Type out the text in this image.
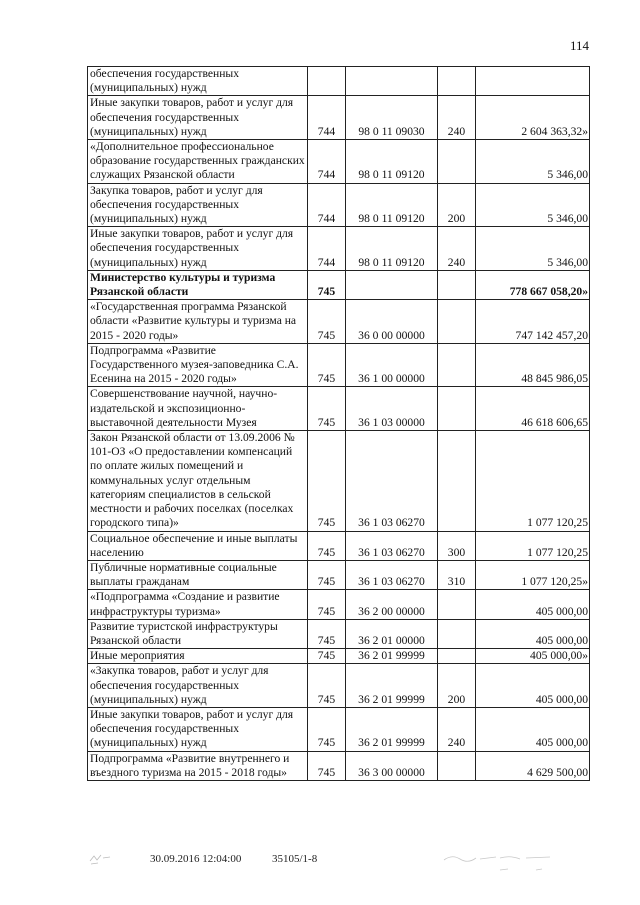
114
обеспечения государственных (муниципальных) нужд				
Иные закупки товаров, работ и услуг для обеспечения государственных (муниципальных) нужд	744	98 0 11 09030	240	2 604 363,32»
«Дополнительное профессиональное образование государственных гражданских служащих Рязанской области	744	98 0 11 09120		5 346,00
Закупка товаров, работ и услуг для обеспечения государственных (муниципальных) нужд	744	98 0 11 09120	200	5 346,00
Иные закупки товаров, работ и услуг для обеспечения государственных (муниципальных) нужд	744	98 0 11 09120	240	5 346,00
Министерство культуры и туризма Рязанской области	745			778 667 058,20»
«Государственная программа Рязанской области «Развитие культуры и туризма на 2015 - 2020 годы»	745	36 0 00 00000		747 142 457,20
Подпрограмма «Развитие Государственного музея-заповедника С.А. Есенина на 2015 - 2020 годы»	745	36 1 00 00000		48 845 986,05
Совершенствование научной, научно-издательской и экспозиционно-выставочной деятельности Музея	745	36 1 03 00000		46 618 606,65
Закон Рязанской области от 13.09.2006 № 101-ОЗ «О предоставлении компенсаций по оплате жилых помещений и коммунальных услуг отдельным категориям специалистов в сельской местности и рабочих поселках (поселках городского типа)»	745	36 1 03 06270		1 077 120,25
Социальное обеспечение и иные выплаты населению	745	36 1 03 06270	300	1 077 120,25
Публичные нормативные социальные выплаты гражданам	745	36 1 03 06270	310	1 077 120,25»
«Подпрограмма «Создание и развитие инфраструктуры туризма»	745	36 2 00 00000		405 000,00
Развитие туристской инфраструктуры Рязанской области	745	36 2 01 00000		405 000,00
Иные мероприятия	745	36 2 01 99999		405 000,00»
«Закупка товаров, работ и услуг для обеспечения государственных (муниципальных) нужд	745	36 2 01 99999	200	405 000,00
Иные закупки товаров, работ и услуг для обеспечения государственных (муниципальных) нужд	745	36 2 01 99999	240	405 000,00
Подпрограмма «Развитие внутреннего и въездного туризма на 2015 - 2018 годы»	745	36 3 00 00000		4 629 500,00
30.09.2016 12:04:00	35105/1-8
